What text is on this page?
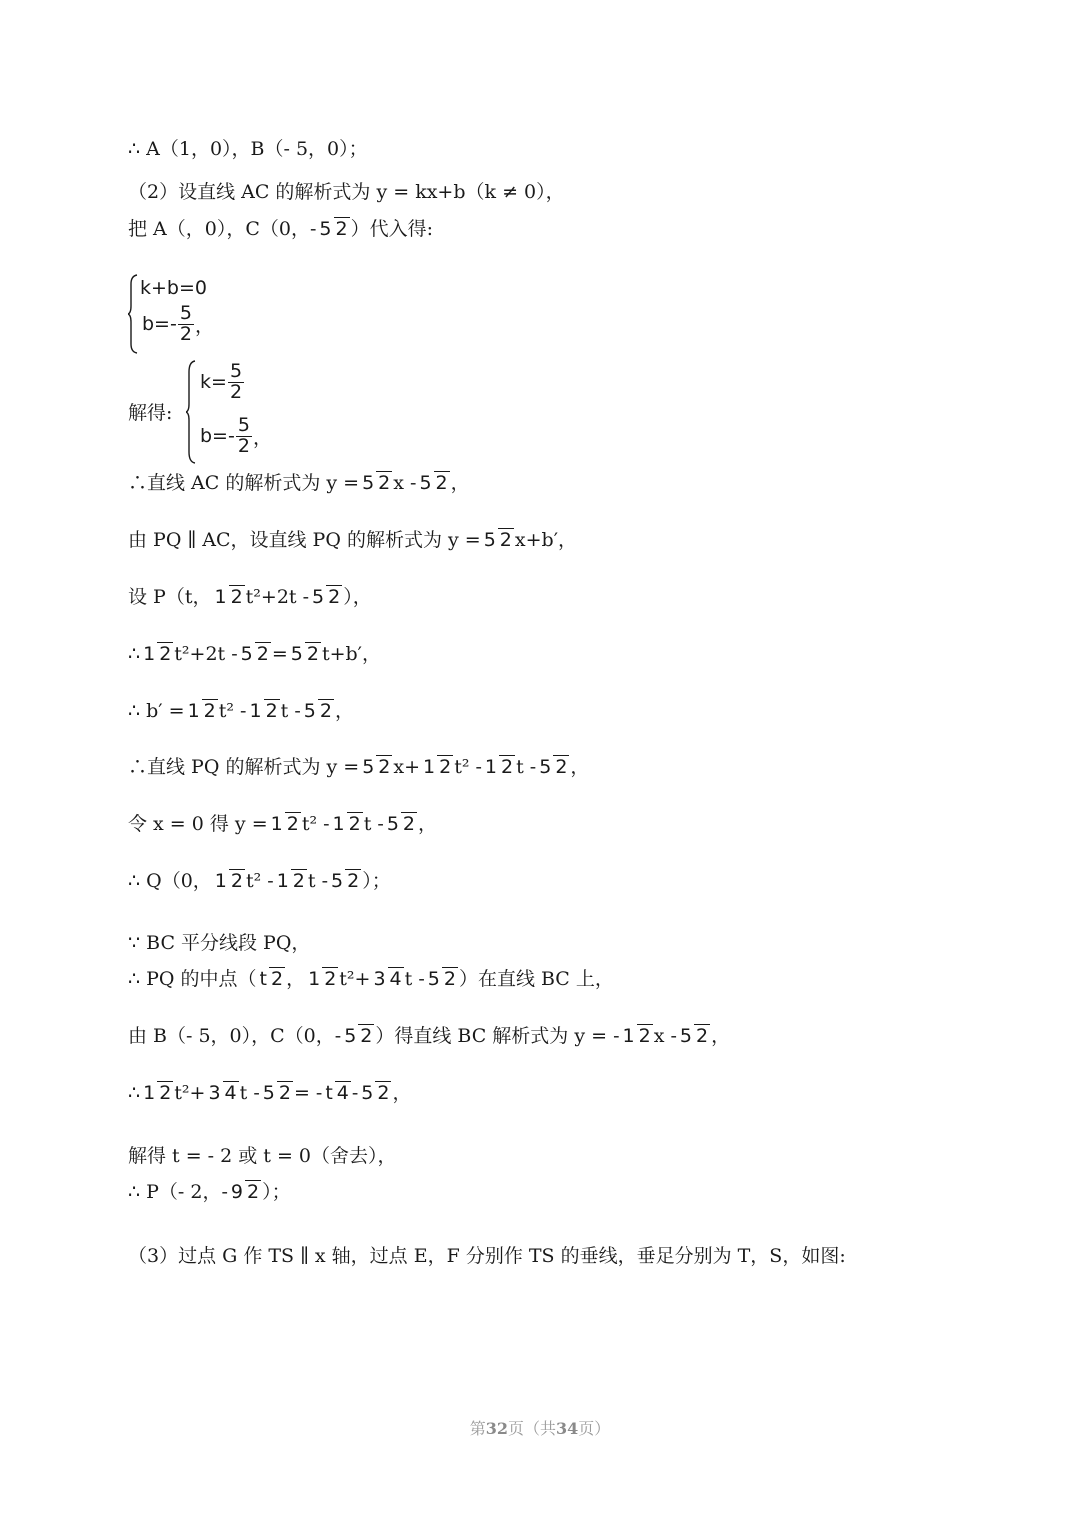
∴ A（1，0），B（- 5，0）；
（2）设直线 AC 的解析式为 y = kx+b（k ≠ 0），
把 A（，0），C（0，- 5 2 ）代入得:
k+b=0
$b=- \frac{5}{2}$ ，
解得:
$k= \frac{5}{2}$
$b=- \frac{5}{2}$ ，
∴直线 AC 的解析式为 y = 5 2 x - 5 2 ，
由 PQ ∥ AC，设直线 PQ 的解析式为 y = 5 2 x+b′，
设 P（t， 1 2 t²+2t - 5 2 ），
∴ 1 2 t²+2t - 5 2 = 5 2 t+b′，
∴ b′ = 1 2 t² - 1 2 t - 5 2 ，
∴直线 PQ 的解析式为 y = 5 2 x+ 1 2 t² - 1 2 t - 5 2 ，
令 x = 0 得 y = 1 2 t² - 1 2 t - 5 2 ，
∴ Q（0， 1 2 t² - 1 2 t - 5 2 ）；
∵ BC 平分线段 PQ，
∴ PQ 的中点（ t 2 ， 1 2 t²+ 3 4 t - 5 2 ）在直线 BC 上，
由 B（- 5，0），C（0，- 5 2 ）得直线 BC 解析式为 y = - 1 2 x - 5 2 ，
∴ 1 2 t²+ 3 4 t - 5 2 = - t 4 - 5 2 ，
解得 t = - 2 或 t = 0（舍去），
∴ P（- 2，- 9 2 ）；
（3）过点 G 作 TS ∥ x 轴，过点 E，F 分别作 TS 的垂线，垂足分别为 T，S，如图:
第32页（共34页）
